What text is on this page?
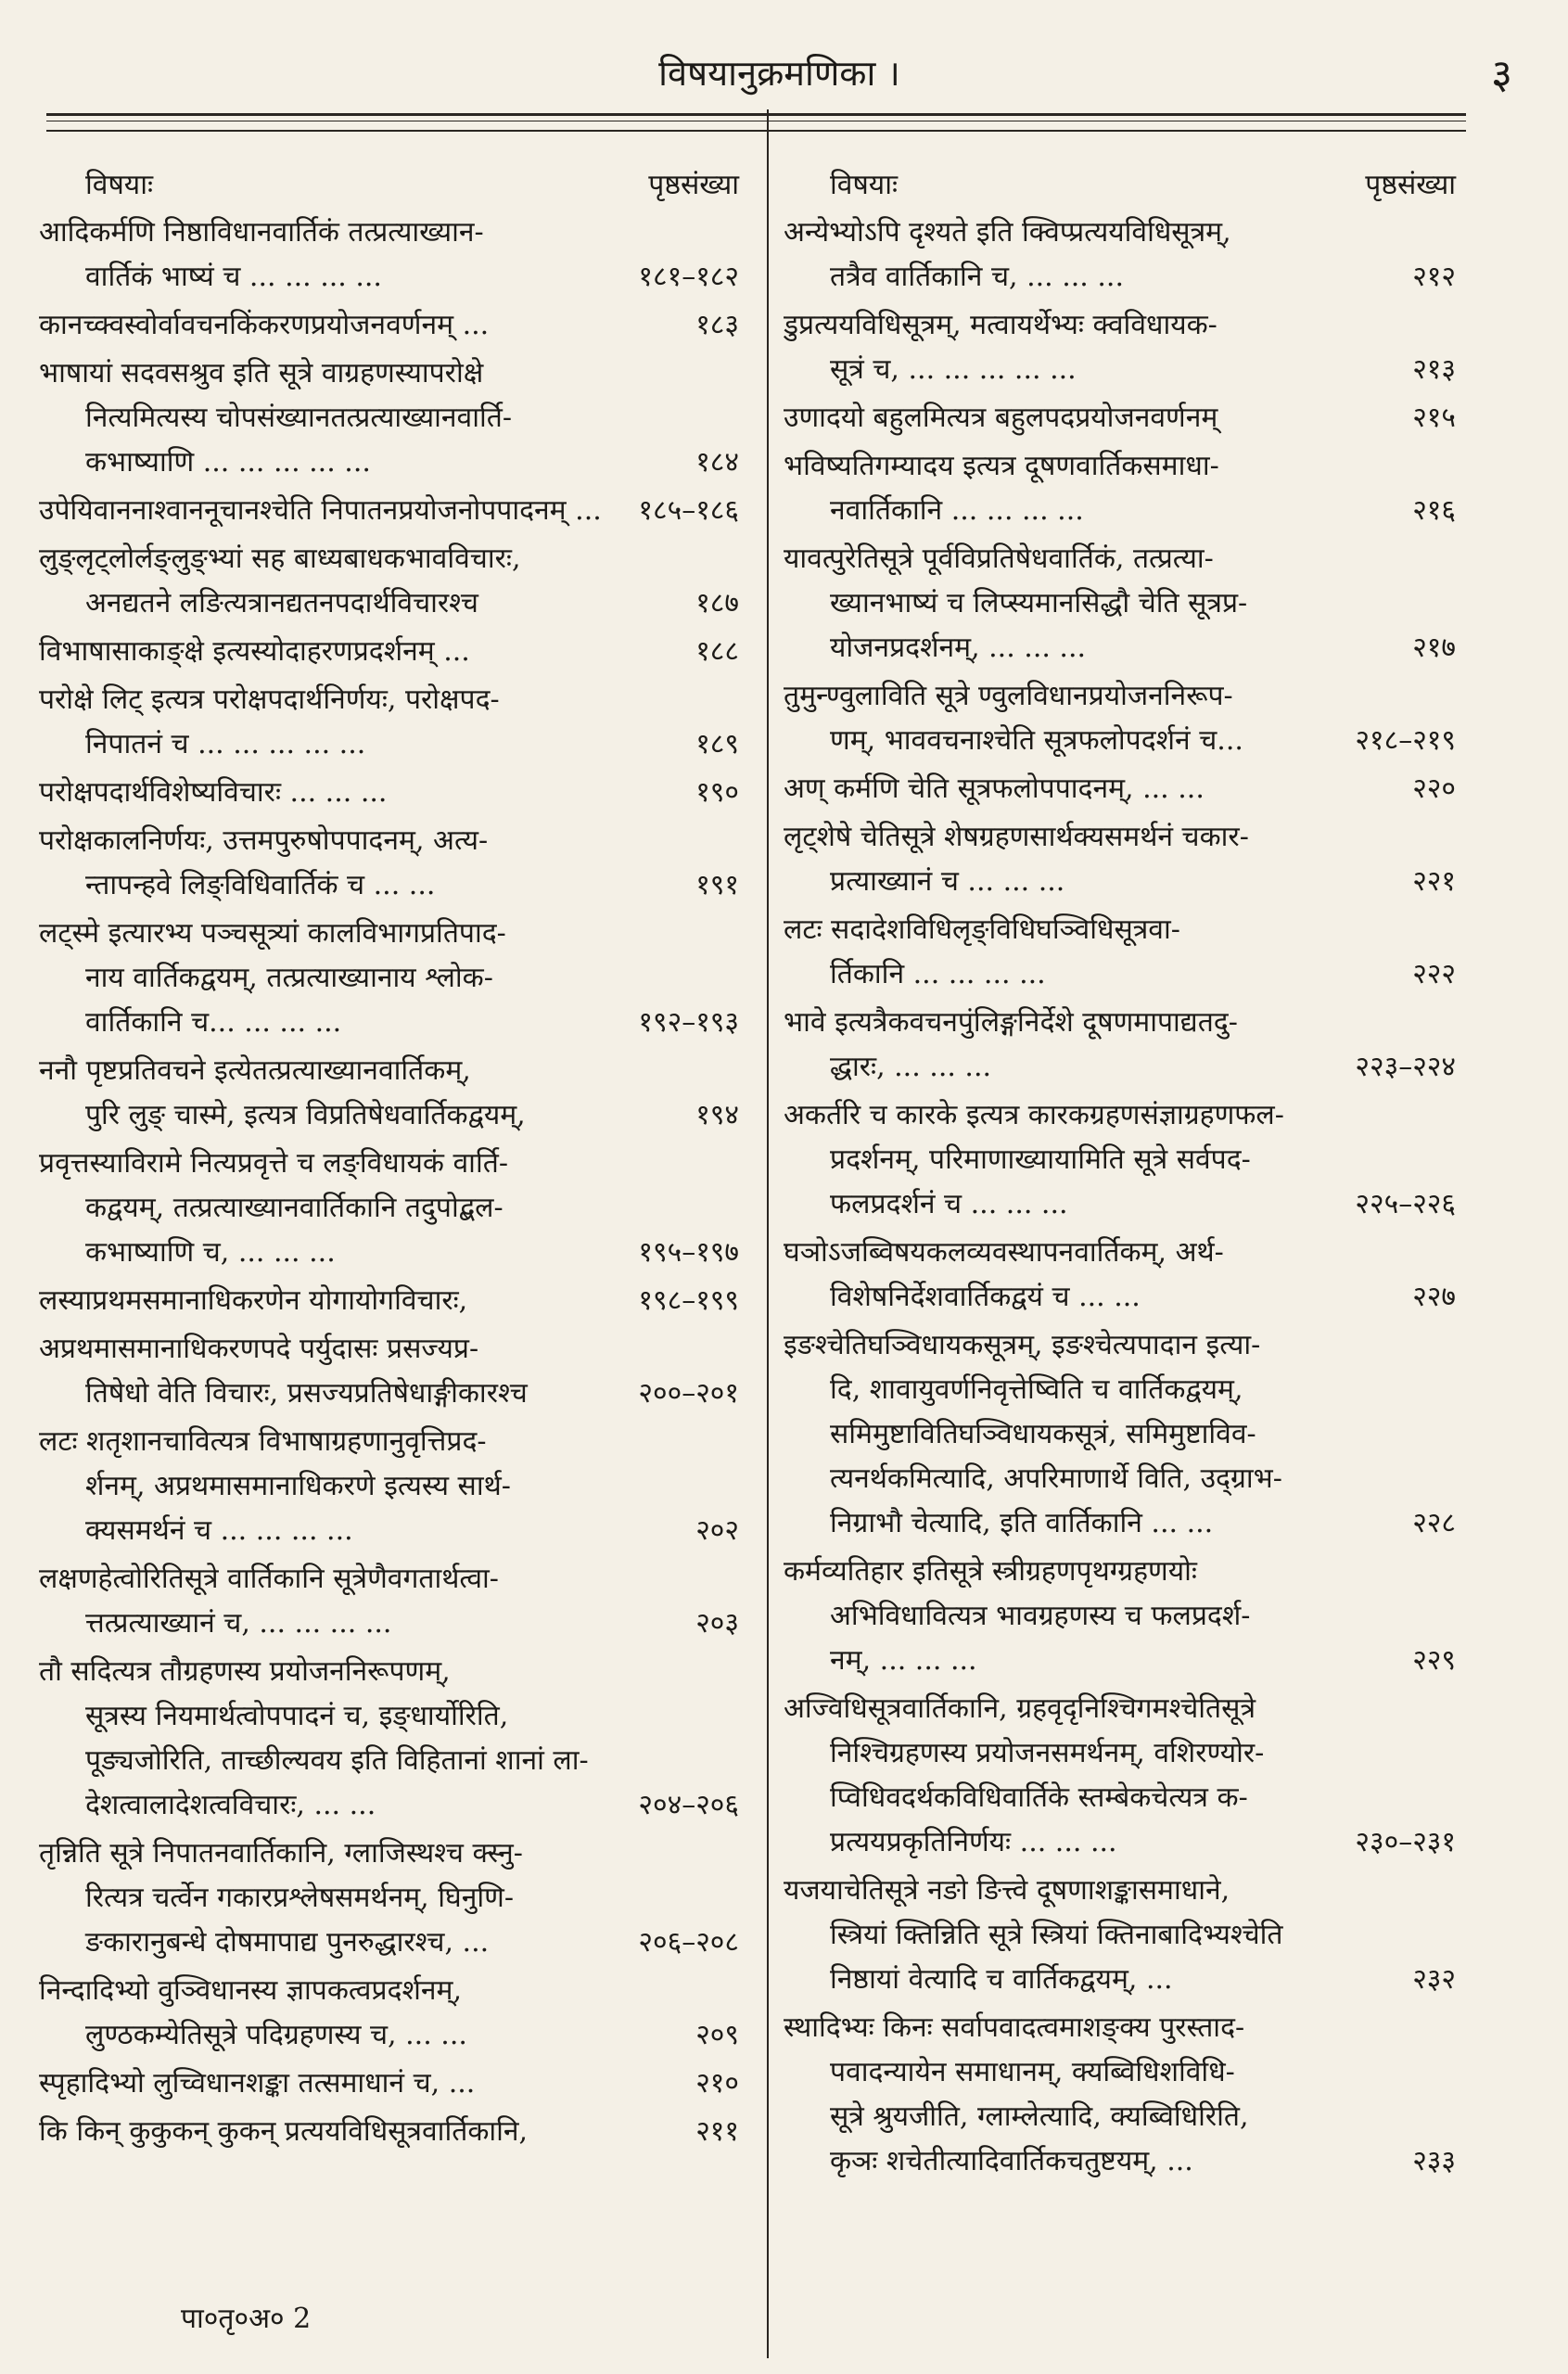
विषयानुक्रमणिका ।	३
विषयाः	पृष्ठसंख्या
आदिकर्मणि निष्ठाविधानवार्तिकं तत्प्रत्याख्यान-
वार्तिकं भाष्यं च ... ... ... ...	१८१–१८२
कानच्क्वस्वोर्वावचनकिंकरणप्रयोजनवर्णनम् ...	१८३
भाषायां सदवसश्रुव इति सूत्रे वाग्रहणस्यापरोक्षे
नित्यमित्यस्य चोपसंख्यानतत्प्रत्याख्यानवार्ति-
कभाष्याणि ... ... ... ... ...	१८४
उपेयिवाननाश्वाननूचानश्चेति निपातनप्रयोजनोपपादनम् ...	१८५–१८६
लुङ्लृट्लोर्लङ्लुङ्भ्यां सह बाध्यबाधकभावविचारः,
अनद्यतने लङित्यत्रानद्यतनपदार्थविचारश्च	१८७
विभाषासाकाङ्क्षे इत्यस्योदाहरणप्रदर्शनम् ...	१८८
परोक्षे लिट् इत्यत्र परोक्षपदार्थनिर्णयः, परोक्षपद-
निपातनं च ... ... ... ... ...	१८९
परोक्षपदार्थविशेष्यविचारः ... ... ...	१९०
परोक्षकालनिर्णयः, उत्तमपुरुषोपपादनम्, अत्य-
न्तापन्हवे लिङ्विधिवार्तिकं च ... ...	१९१
लट्स्मे इत्यारभ्य पञ्चसूत्र्यां कालविभागप्रतिपाद-
नाय वार्तिकद्वयम्, तत्प्रत्याख्यानाय श्लोक-
वार्तिकानि च... ... ... ...	१९२–१९३
ननौ पृष्टप्रतिवचने इत्येतत्प्रत्याख्यानवार्तिकम्,
पुरि लुङ् चास्मे, इत्यत्र विप्रतिषेधवार्तिकद्वयम्,	१९४
प्रवृत्तस्याविरामे नित्यप्रवृत्ते च लङ्विधायकं वार्ति-
कद्वयम्, तत्प्रत्याख्यानवार्तिकानि तदुपोद्बल-
कभाष्याणि च, ... ... ...	१९५–१९७
लस्याप्रथमसमानाधिकरणेन योगायोगविचारः,	१९८–१९९
अप्रथमासमानाधिकरणपदे पर्युदासः प्रसज्यप्र-
तिषेधो वेति विचारः, प्रसज्यप्रतिषेधाङ्गीकारश्च	२००–२०१
लटः शतृशानचावित्यत्र विभाषाग्रहणानुवृत्तिप्रद-
र्शनम्, अप्रथमासमानाधिकरणे इत्यस्य सार्थ-
क्यसमर्थनं च ... ... ... ...	२०२
लक्षणहेत्वोरितिसूत्रे वार्तिकानि सूत्रेणैवगतार्थत्वा-
त्तत्प्रत्याख्यानं च, ... ... ... ...	२०३
तौ सदित्यत्र तौग्रहणस्य प्रयोजननिरूपणम्,
सूत्रस्य नियमार्थत्वोपपादनं च, इङ्धार्योरिति,
पूङ्यजोरिति, ताच्छील्यवय इति विहितानां शानां ला-
देशत्वालादेशत्वविचारः, ... ...	२०४–२०६
तृन्निति सूत्रे निपातनवार्तिकानि, ग्लाजिस्थश्च क्स्नु-
रित्यत्र चर्त्वेन गकारप्रश्लेषसमर्थनम्, घिनुणि-
ङकारानुबन्धे दोषमापाद्य पुनरुद्धारश्च, ...	२०६–२०८
निन्दादिभ्यो वुञ्विधानस्य ज्ञापकत्वप्रदर्शनम्,
लुण्ठकम्येतिसूत्रे पदिग्रहणस्य च, ... ...	२०९
स्पृहादिभ्यो लुच्विधानशङ्का तत्समाधानं च, ...	२१०
कि किन् कुकुकन् कुकन् प्रत्ययविधिसूत्रवार्तिकानि,	२११
विषयाः	पृष्ठसंख्या
अन्येभ्योऽपि दृश्यते इति क्विप्प्रत्ययविधिसूत्रम्,
तत्रैव वार्तिकानि च, ... ... ...	२१२
डुप्रत्ययविधिसूत्रम्, मत्वायर्थेभ्यः क्वविधायक-
सूत्रं च, ... ... ... ... ...	२१३
उणादयो बहुलमित्यत्र बहुलपदप्रयोजनवर्णनम्	२१५
भविष्यतिगम्यादय इत्यत्र दूषणवार्तिकसमाधा-
नवार्तिकानि ... ... ... ...	२१६
यावत्पुरेतिसूत्रे पूर्वविप्रतिषेधवार्तिकं, तत्प्रत्या-
ख्यानभाष्यं च लिप्स्यमानसिद्धौ चेति सूत्रप्र-
योजनप्रदर्शनम्, ... ... ...	२१७
तुमुन्ण्वुलाविति सूत्रे ण्वुलविधानप्रयोजननिरूप-
णम्, भाववचनाश्चेति सूत्रफलोपदर्शनं च...	२१८–२१९
अण् कर्मणि चेति सूत्रफलोपपादनम्, ... ...	२२०
लृट्शेषे चेतिसूत्रे शेषग्रहणसार्थक्यसमर्थनं चकार-
प्रत्याख्यानं च ... ... ...	२२१
लटः सदादेशविधिलृङ्विधिघञ्विधिसूत्रवा-
र्तिकानि ... ... ... ...	२२२
भावे इत्यत्रैकवचनपुंलिङ्गनिर्देशे दूषणमापाद्यतदु-
द्धारः, ... ... ...	२२३–२२४
अकर्तरि च कारके इत्यत्र कारकग्रहणसंज्ञाग्रहणफल-
प्रदर्शनम्, परिमाणाख्यायामिति सूत्रे सर्वपद-
फलप्रदर्शनं च ... ... ...	२२५–२२६
घञोऽजब्विषयकलव्यवस्थापनवार्तिकम्, अर्थ-
विशेषनिर्देशवार्तिकद्वयं च ... ...	२२७
इङश्चेतिघञ्विधायकसूत्रम्, इङश्चेत्यपादान इत्या-
दि, शावायुवर्णनिवृत्तेष्विति च वार्तिकद्वयम्,
समिमुष्टावितिघञ्विधायकसूत्रं, समिमुष्टाविव-
त्यनर्थकमित्यादि, अपरिमाणार्थे विति, उद्ग्राभ-
निग्राभौ चेत्यादि, इति वार्तिकानि ... ...	२२८
कर्मव्यतिहार इतिसूत्रे स्त्रीग्रहणपृथग्ग्रहणयोः
अभिविधावित्यत्र भावग्रहणस्य च फलप्रदर्श-
नम्, ... ... ...	२२९
अज्विधिसूत्रवार्तिकानि, ग्रहवृदृनिश्चिगमश्चेतिसूत्रे
निश्चिग्रहणस्य प्रयोजनसमर्थनम्, वशिरण्योर-
प्विधिवदर्थकविधिवार्तिके स्तम्बेकचेत्यत्र क-
प्रत्ययप्रकृतिनिर्णयः ... ... ...	२३०–२३१
यजयाचेतिसूत्रे नङो ङित्त्वे दूषणाशङ्कासमाधाने,
स्त्रियां क्तिन्निति सूत्रे स्त्रियां क्तिनाबादिभ्यश्चेति
निष्ठायां वेत्यादि च वार्तिकद्वयम्, ...	२३२
स्थादिभ्यः किनः सर्वापवादत्वमाशङ्क्य पुरस्ताद-
पवादन्यायेन समाधानम्, क्यब्विधिशविधि-
सूत्रे श्रुयजीति, ग्लाम्लेत्यादि, क्यब्विधिरिति,
कृञः शचेतीत्यादिवार्तिकचतुष्टयम्, ...	२३३
पा०तृ०अ० 2
